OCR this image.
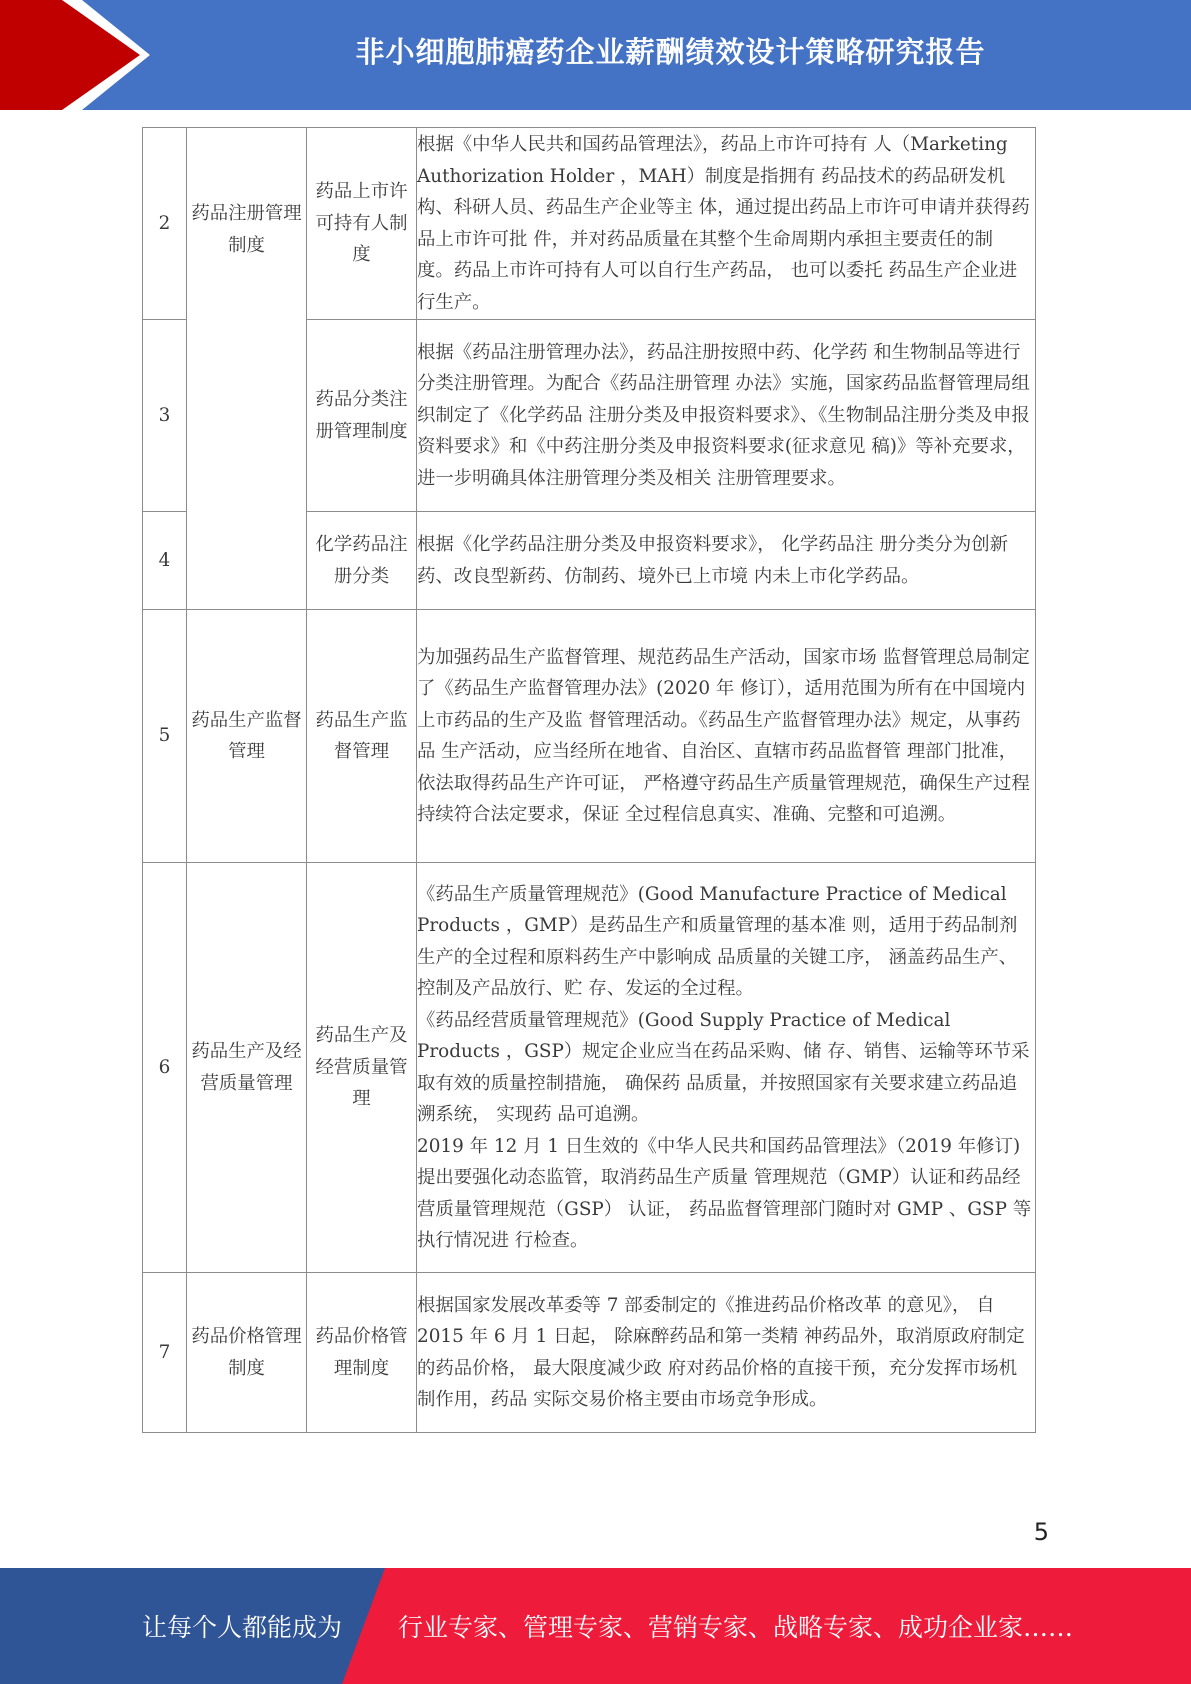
非小细胞肺癌药企业薪酬绩效设计策略研究报告
2	药品注册管理制度	药品上市许可持有人制度	根据《中华人民共和国药品管理法》，药品上市许可持有 人（Marketing Authorization Holder ，MAH）制度是指拥有 药品技术的药品研发机构、科研人员、药品生产企业等主 体，通过提出药品上市许可申请并获得药品上市许可批 件，并对药品质量在其整个生命周期内承担主要责任的制 度。药品上市许可持有人可以自行生产药品， 也可以委托 药品生产企业进行生产。

3		药品分类注册管理制度	根据《药品注册管理办法》，药品注册按照中药、化学药 和生物制品等进行分类注册管理。为配合《药品注册管理 办法》实施，国家药品监督管理局组织制定了《化学药品 注册分类及申报资料要求》、《生物制品注册分类及申报 资料要求》和《中药注册分类及申报资料要求(征求意见 稿)》等补充要求， 进一步明确具体注册管理分类及相关 注册管理要求。

4		化学药品注册分类	根据《化学药品注册分类及申报资料要求》， 化学药品注 册分类分为创新药、改良型新药、仿制药、境外已上市境 内未上市化学药品。

5	药品生产监督管理	药品生产监督管理	为加强药品生产监督管理、规范药品生产活动，国家市场 监督管理总局制定了《药品生产监督管理办法》(2020 年 修订），适用范围为所有在中国境内上市药品的生产及监 督管理活动。《药品生产监督管理办法》规定，从事药品 生产活动，应当经所在地省、自治区、直辖市药品监督管 理部门批准，依法取得药品生产许可证， 严格遵守药品生产质量管理规范，确保生产过程持续符合法定要求，保证 全过程信息真实、准确、完整和可追溯。

6	药品生产及经营质量管理	药品生产及经营质量管理	《药品生产质量管理规范》(Good Manufacture Practice of Medical Products ，GMP）是药品生产和质量管理的基本准 则，适用于药品制剂生产的全过程和原料药生产中影响成 品质量的关键工序， 涵盖药品生产、控制及产品放行、贮 存、发运的全过程。
《药品经营质量管理规范》(Good Supply Practice of Medical Products ，GSP）规定企业应当在药品采购、储 存、销售、运输等环节采取有效的质量控制措施， 确保药 品质量，并按照国家有关要求建立药品追溯系统， 实现药 品可追溯。
2019 年 12 月 1 日生效的《中华人民共和国药品管理法》（2019 年修订)提出要强化动态监管，取消药品生产质量 管理规范（GMP）认证和药品经营质量管理规范（GSP） 认证， 药品监督管理部门随时对 GMP 、GSP 等执行情况进 行检查。

7	药品价格管理制度	药品价格管理制度	根据国家发展改革委等 7 部委制定的《推进药品价格改革 的意见》， 自 2015 年 6 月 1 日起， 除麻醉药品和第一类精 神药品外，取消原政府制定的药品价格， 最大限度减少政 府对药品价格的直接干预，充分发挥市场机制作用，药品 实际交易价格主要由市场竞争形成。
5
让每个人都能成为 行业专家、管理专家、营销专家、战略专家、成功企业家……
